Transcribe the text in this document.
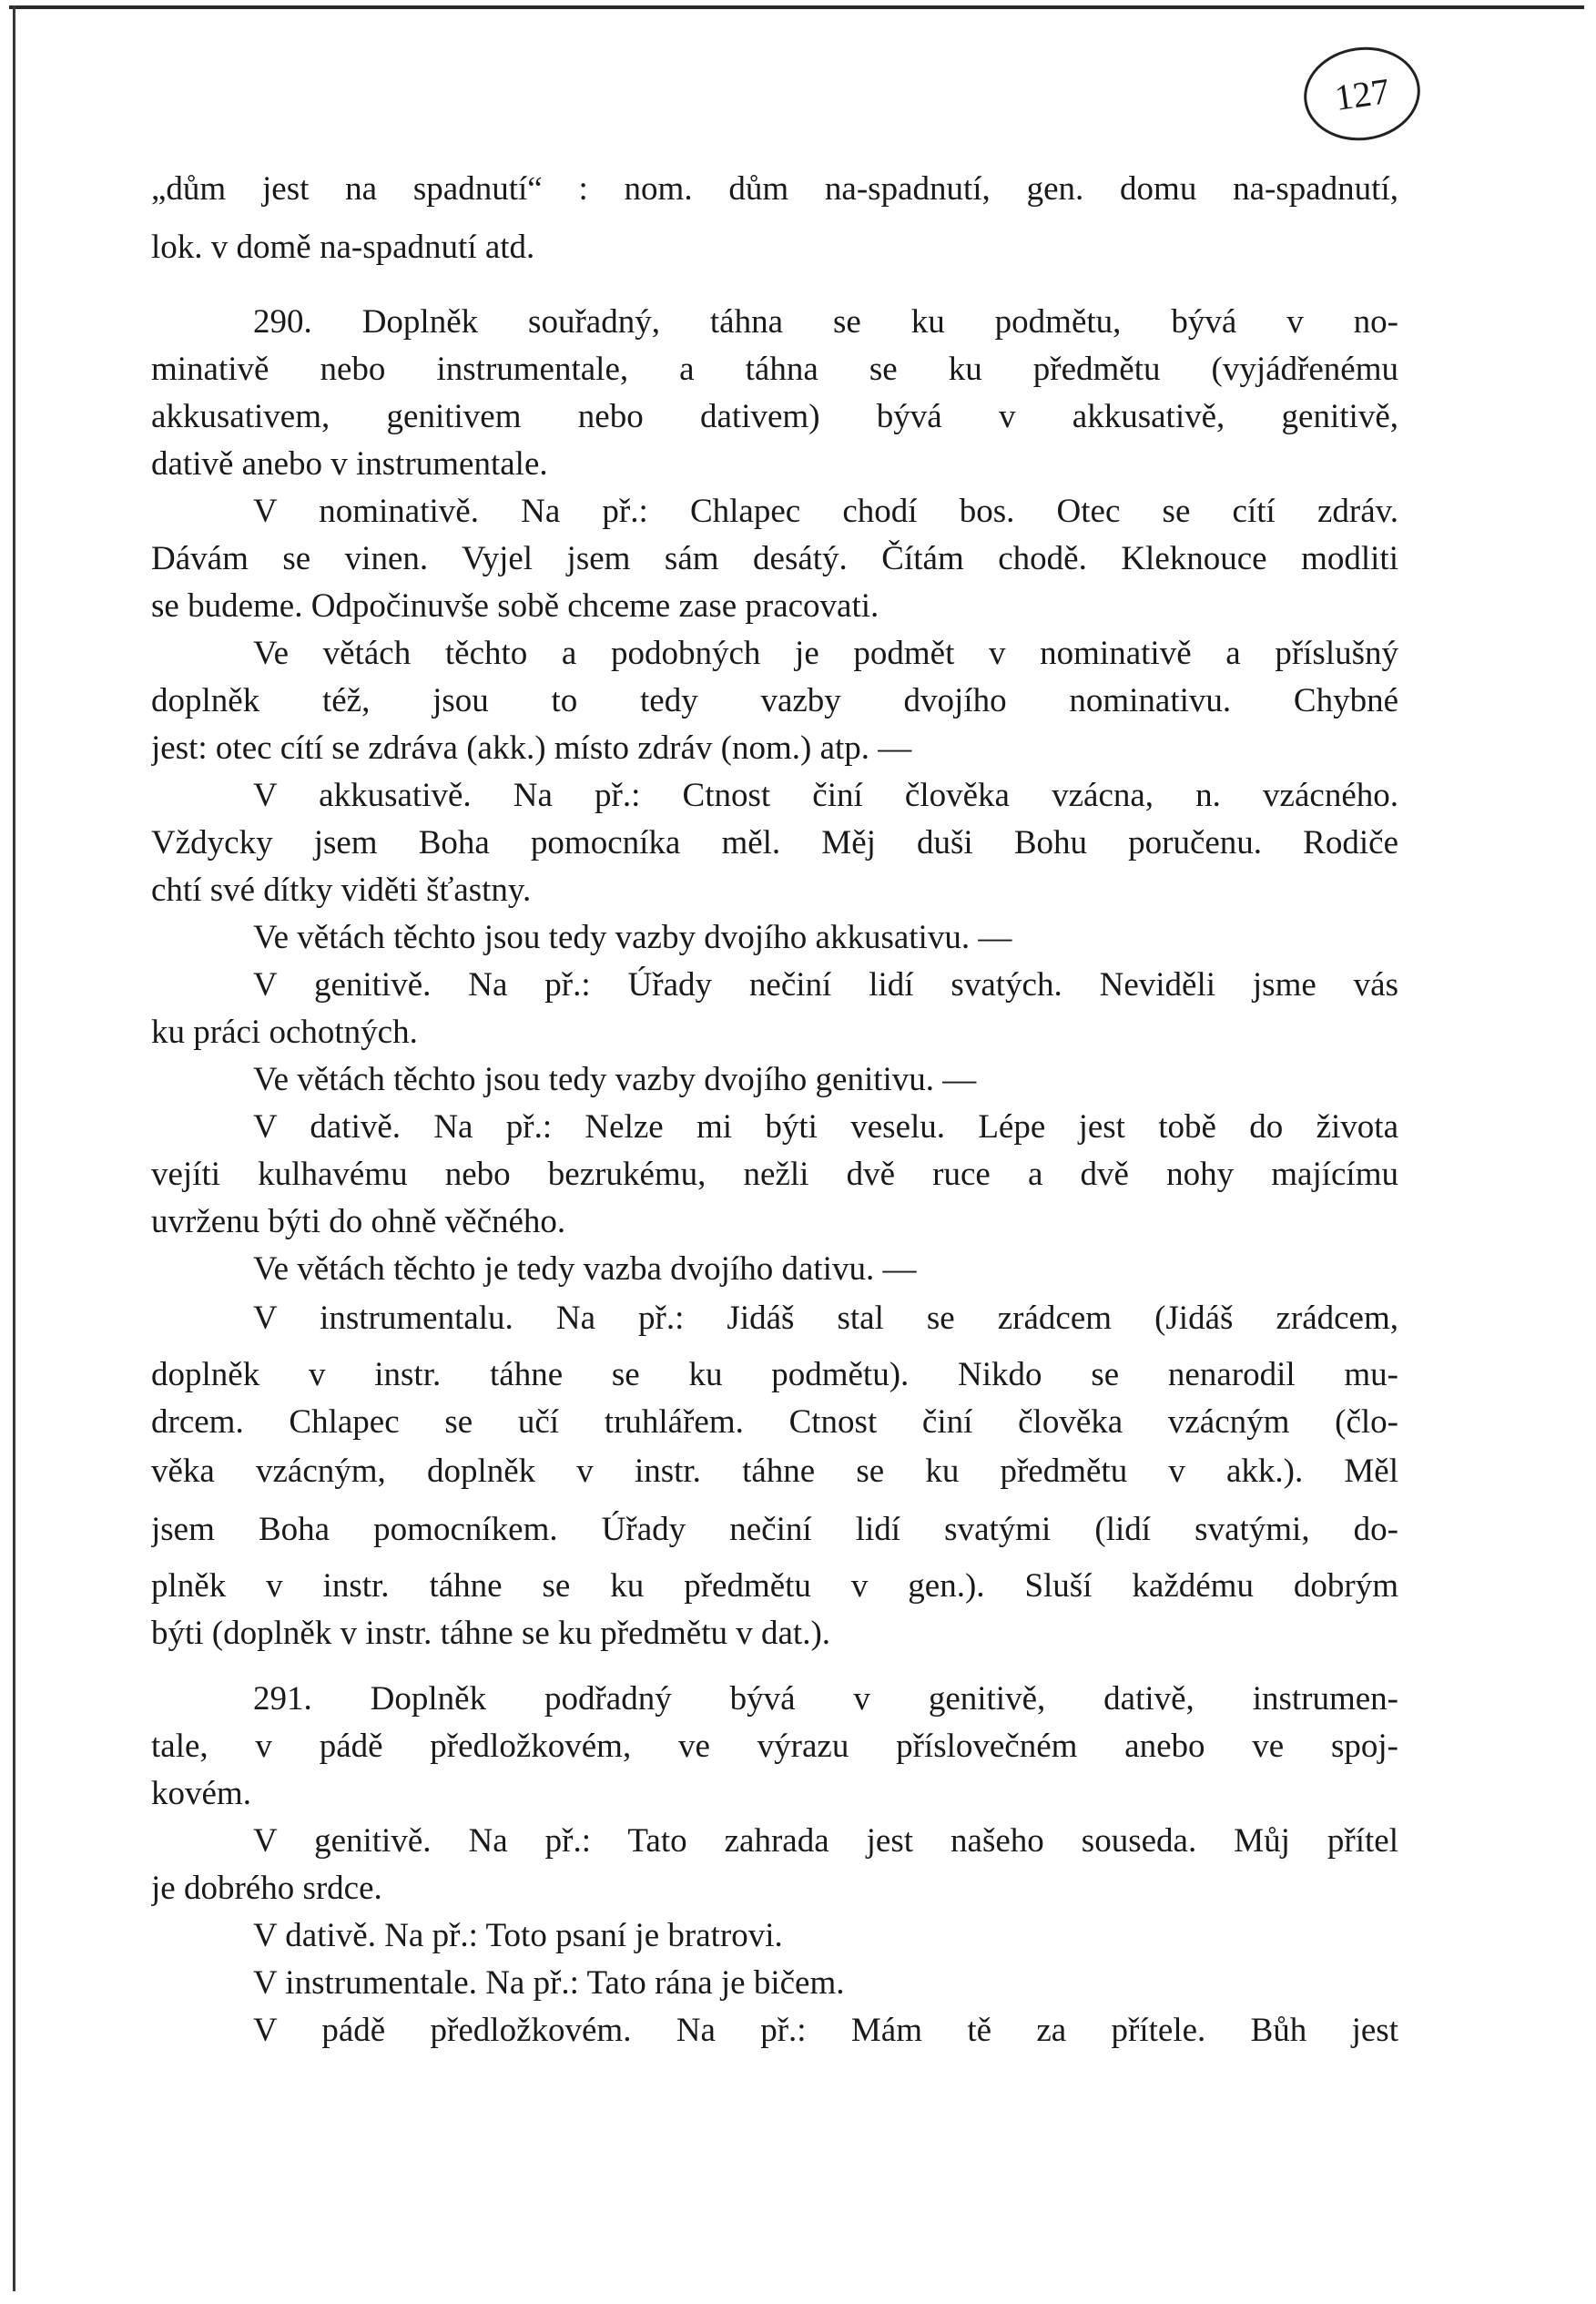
127
„dům jest na spadnutí“ : nom. dům na-spadnutí, gen. domu na-spadnutí,
lok. v domě na-spadnutí atd.
290. Doplněk souřadný, táhna se ku podmětu, bývá v no-
minativě nebo instrumentale, a táhna se ku předmětu (vyjádřenému
akkusativem, genitivem nebo dativem) bývá v akkusativě, genitivě,
dativě anebo v instrumentale.
V nominativě. Na př.: Chlapec chodí bos. Otec se cítí zdráv.
Dávám se vinen. Vyjel jsem sám desátý. Čítám chodě. Kleknouce modliti
se budeme. Odpočinuvše sobě chceme zase pracovati.
Ve větách těchto a podobných je podmět v nominativě a příslušný
doplněk též, jsou to tedy vazby dvojího nominativu. Chybné
jest: otec cítí se zdráva (akk.) místo zdráv (nom.) atp. —
V akkusativě. Na př.: Ctnost činí člověka vzácna, n. vzácného.
Vždycky jsem Boha pomocníka měl. Měj duši Bohu poručenu. Rodiče
chtí své dítky viděti šťastny.
Ve větách těchto jsou tedy vazby dvojího akkusativu. —
V genitivě. Na př.: Úřady nečiní lidí svatých. Neviděli jsme vás
ku práci ochotných.
Ve větách těchto jsou tedy vazby dvojího genitivu. —
V dativě. Na př.: Nelze mi býti veselu. Lépe jest tobě do života
vejíti kulhavému nebo bezrukému, nežli dvě ruce a dvě nohy majícímu
uvrženu býti do ohně věčného.
Ve větách těchto je tedy vazba dvojího dativu. —
V instrumentalu. Na př.: Jidáš stal se zrádcem (Jidáš zrádcem,
doplněk v instr. táhne se ku podmětu). Nikdo se nenarodil mu-
drcem. Chlapec se učí truhlářem. Ctnost činí člověka vzácným (člo-
věka vzácným, doplněk v instr. táhne se ku předmětu v akk.). Měl
jsem Boha pomocníkem. Úřady nečiní lidí svatými (lidí svatými, do-
plněk v instr. táhne se ku předmětu v gen.). Sluší každému dobrým
býti (doplněk v instr. táhne se ku předmětu v dat.).
291. Doplněk podřadný bývá v genitivě, dativě, instrumen-
tale, v pádě předložkovém, ve výrazu příslovečném anebo ve spoj-
kovém.
V genitivě. Na př.: Tato zahrada jest našeho souseda. Můj přítel
je dobrého srdce.
V dativě. Na př.: Toto psaní je bratrovi.
V instrumentale. Na př.: Tato rána je bičem.
V pádě předložkovém. Na př.: Mám tě za přítele. Bůh jest
